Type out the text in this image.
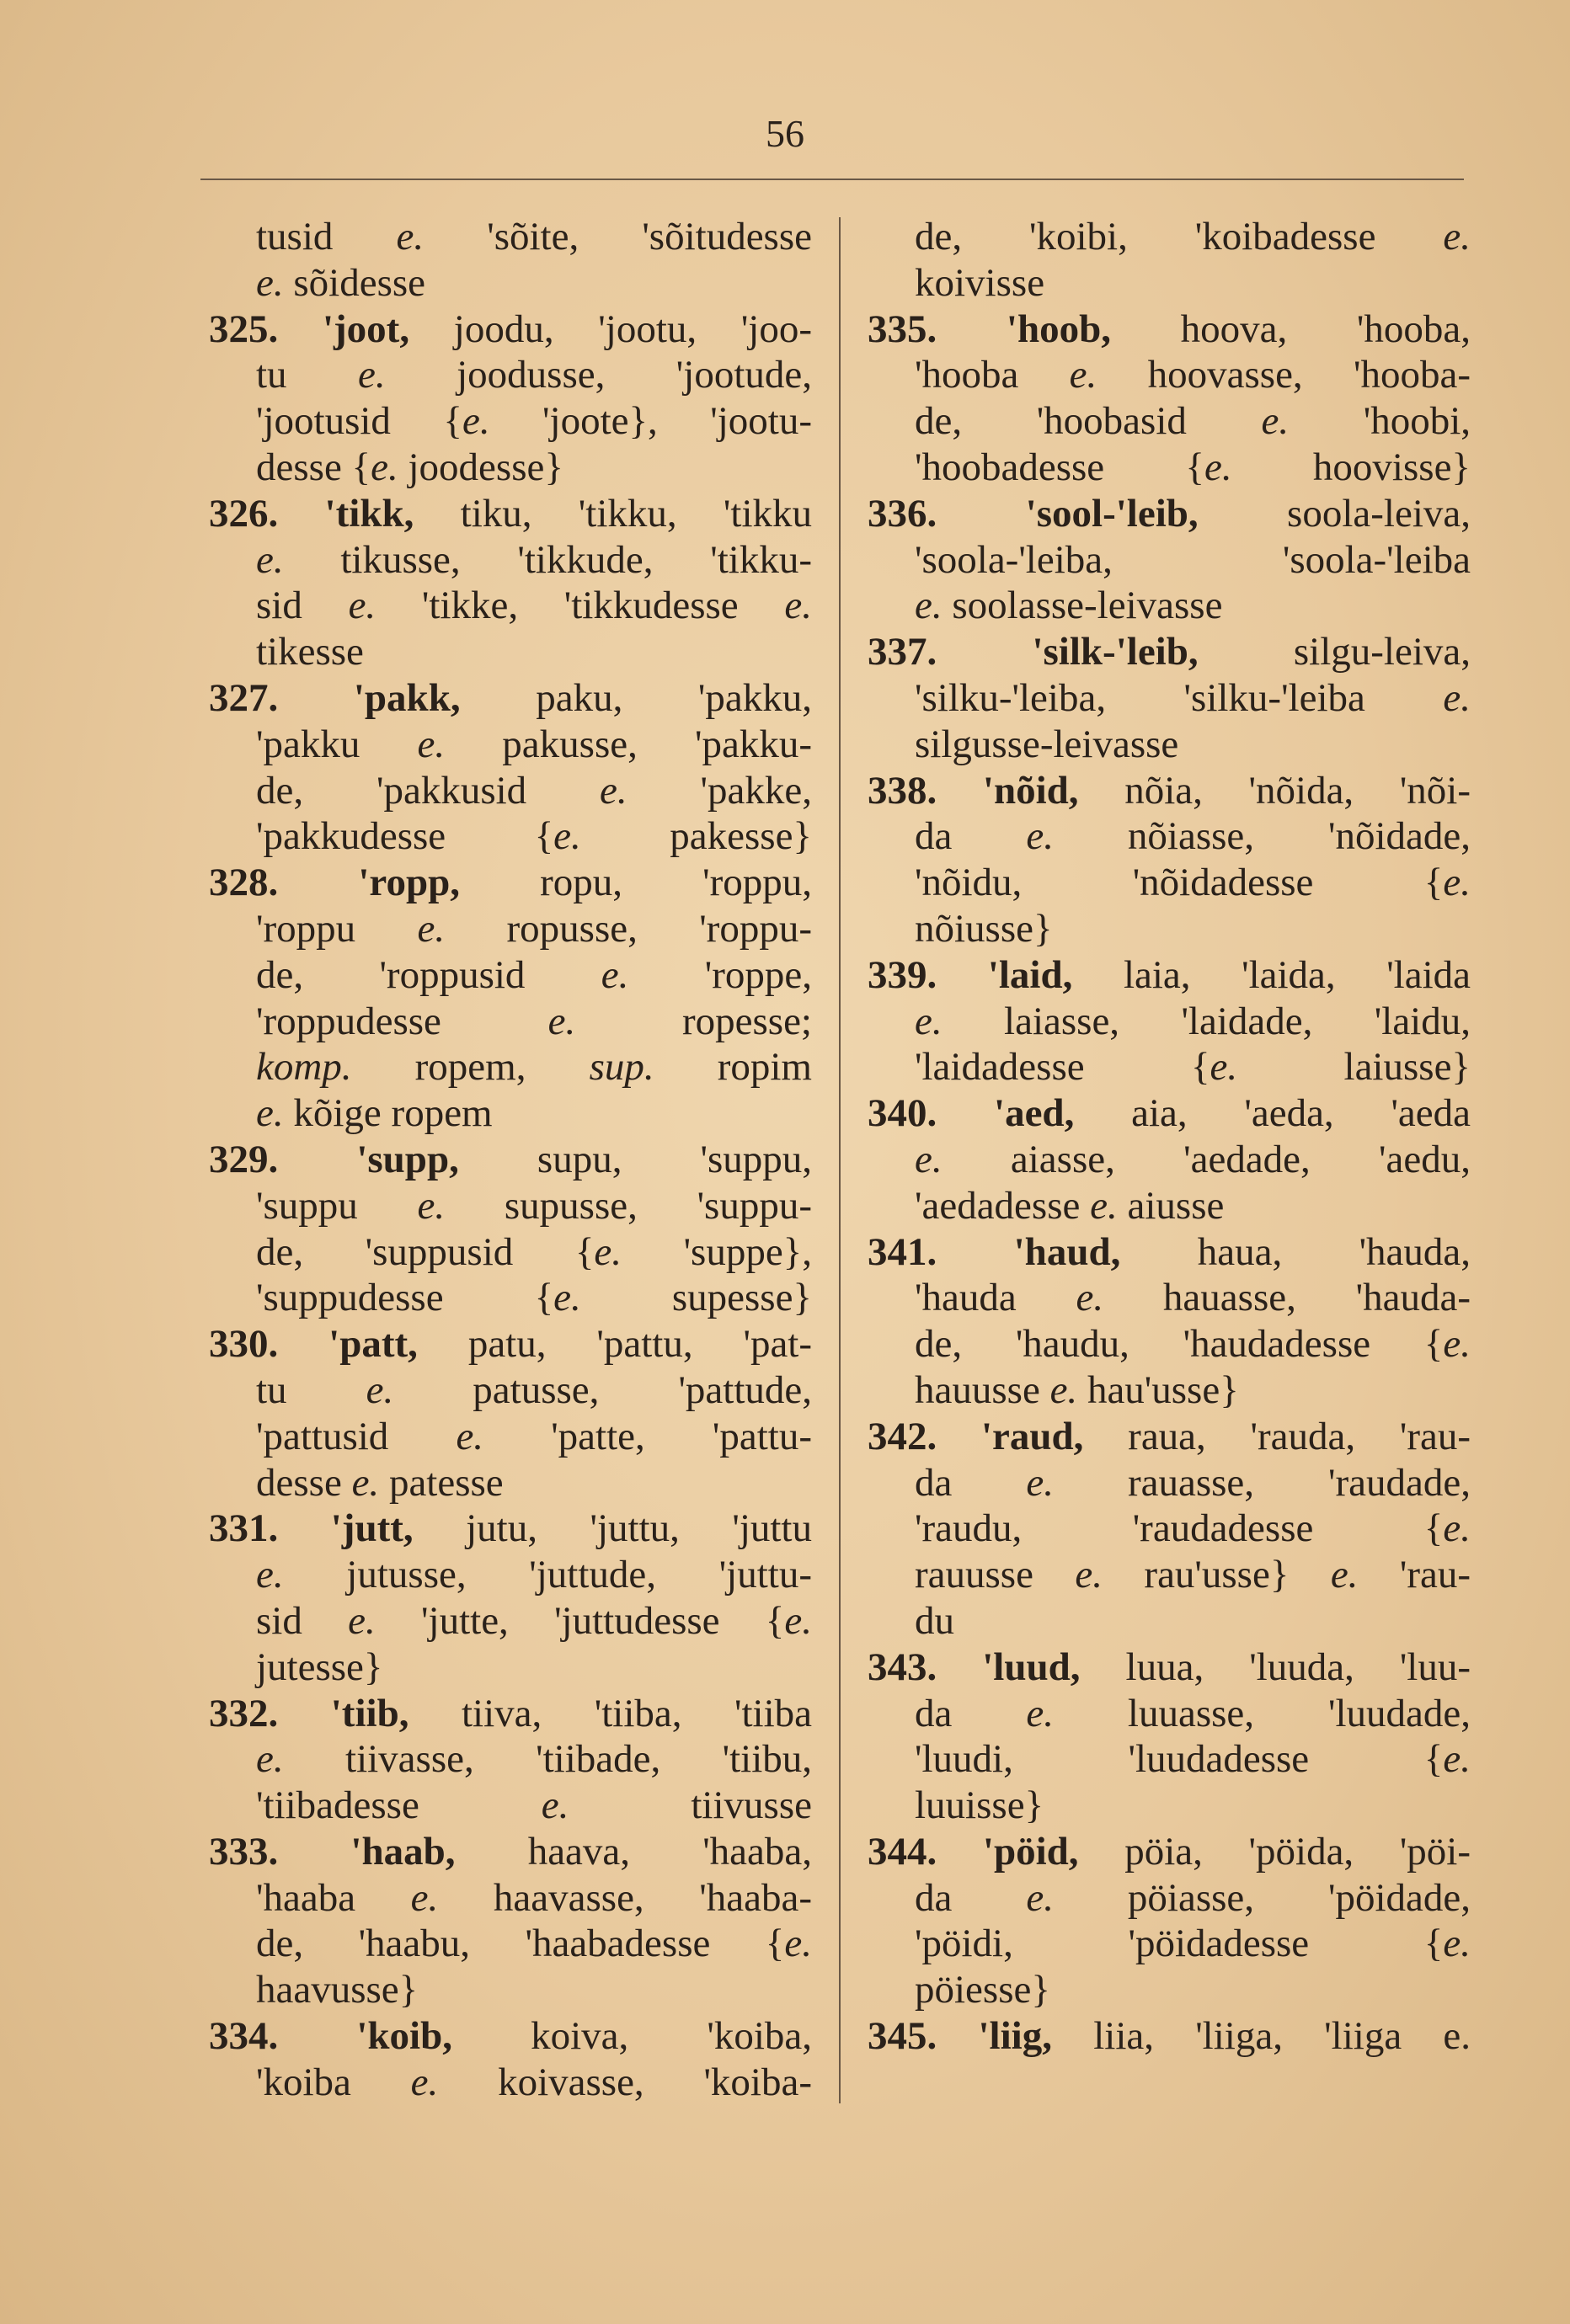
56
tusid e. 'sõite, 'sõitudesse
e. sõidesse
325. 'joot, joodu, 'jootu, 'joo-
tu e. joodusse, 'jootude,
'jootusid {e. 'joote}, 'jootu-
desse {e. joodesse}
326. 'tikk, tiku, 'tikku, 'tikku
e. tikusse, 'tikkude, 'tikku-
sid e. 'tikke, 'tikkudesse e.
tikesse
327. 'pakk, paku, 'pakku,
'pakku e. pakusse, 'pakku-
de, 'pakkusid e. 'pakke,
'pakkudesse {e. pakesse}
328. 'ropp, ropu, 'roppu,
'roppu e. ropusse, 'roppu-
de, 'roppusid e. 'roppe,
'roppudesse e. ropesse;
komp. ropem, sup. ropim
e. kõige ropem
329. 'supp, supu, 'suppu,
'suppu e. supusse, 'suppu-
de, 'suppusid {e. 'suppe},
'suppudesse {e. supesse}
330. 'patt, patu, 'pattu, 'pat-
tu e. patusse, 'pattude,
'pattusid e. 'patte, 'pattu-
desse e. patesse
331. 'jutt, jutu, 'juttu, 'juttu
e. jutusse, 'juttude, 'juttu-
sid e. 'jutte, 'juttudesse {e.
jutesse}
332. 'tiib, tiiva, 'tiiba, 'tiiba
e. tiivasse, 'tiibade, 'tiibu,
'tiibadesse e. tiivusse
333. 'haab, haava, 'haaba,
'haaba e. haavasse, 'haaba-
de, 'haabu, 'haabadesse {e.
haavusse}
334. 'koib, koiva, 'koiba,
'koiba e. koivasse, 'koiba-
de, 'koibi, 'koibadesse e.
koivisse
335. 'hoob, hoova, 'hooba,
'hooba e. hoovasse, 'hooba-
de, 'hoobasid e. 'hoobi,
'hoobadesse {e. hoovisse}
336. 'sool-'leib, soola-leiva,
'soola-'leiba, 'soola-'leiba
e. soolasse-leivasse
337. 'silk-'leib, silgu-leiva,
'silku-'leiba, 'silku-'leiba e.
silgusse-leivasse
338. 'nõid, nõia, 'nõida, 'nõi-
da e. nõiasse, 'nõidade,
'nõidu, 'nõidadesse {e.
nõiusse}
339. 'laid, laia, 'laida, 'laida
e. laiasse, 'laidade, 'laidu,
'laidadesse {e. laiusse}
340. 'aed, aia, 'aeda, 'aeda
e. aiasse, 'aedade, 'aedu,
'aedadesse e. aiusse
341. 'haud, haua, 'hauda,
'hauda e. hauasse, 'hauda-
de, 'haudu, 'haudadesse {e.
hauusse e. hau'usse}
342. 'raud, raua, 'rauda, 'rau-
da e. rauasse, 'raudade,
'raudu, 'raudadesse {e.
rauusse e. rau'usse} e. 'rau-
du
343. 'luud, luua, 'luuda, 'luu-
da e. luuasse, 'luudade,
'luudi, 'luudadesse {e.
luuisse}
344. 'pöid, pöia, 'pöida, 'pöi-
da e. pöiasse, 'pöidade,
'pöidi, 'pöidadesse {e.
pöiesse}
345. 'liig, liia, 'liiga, 'liiga e.
